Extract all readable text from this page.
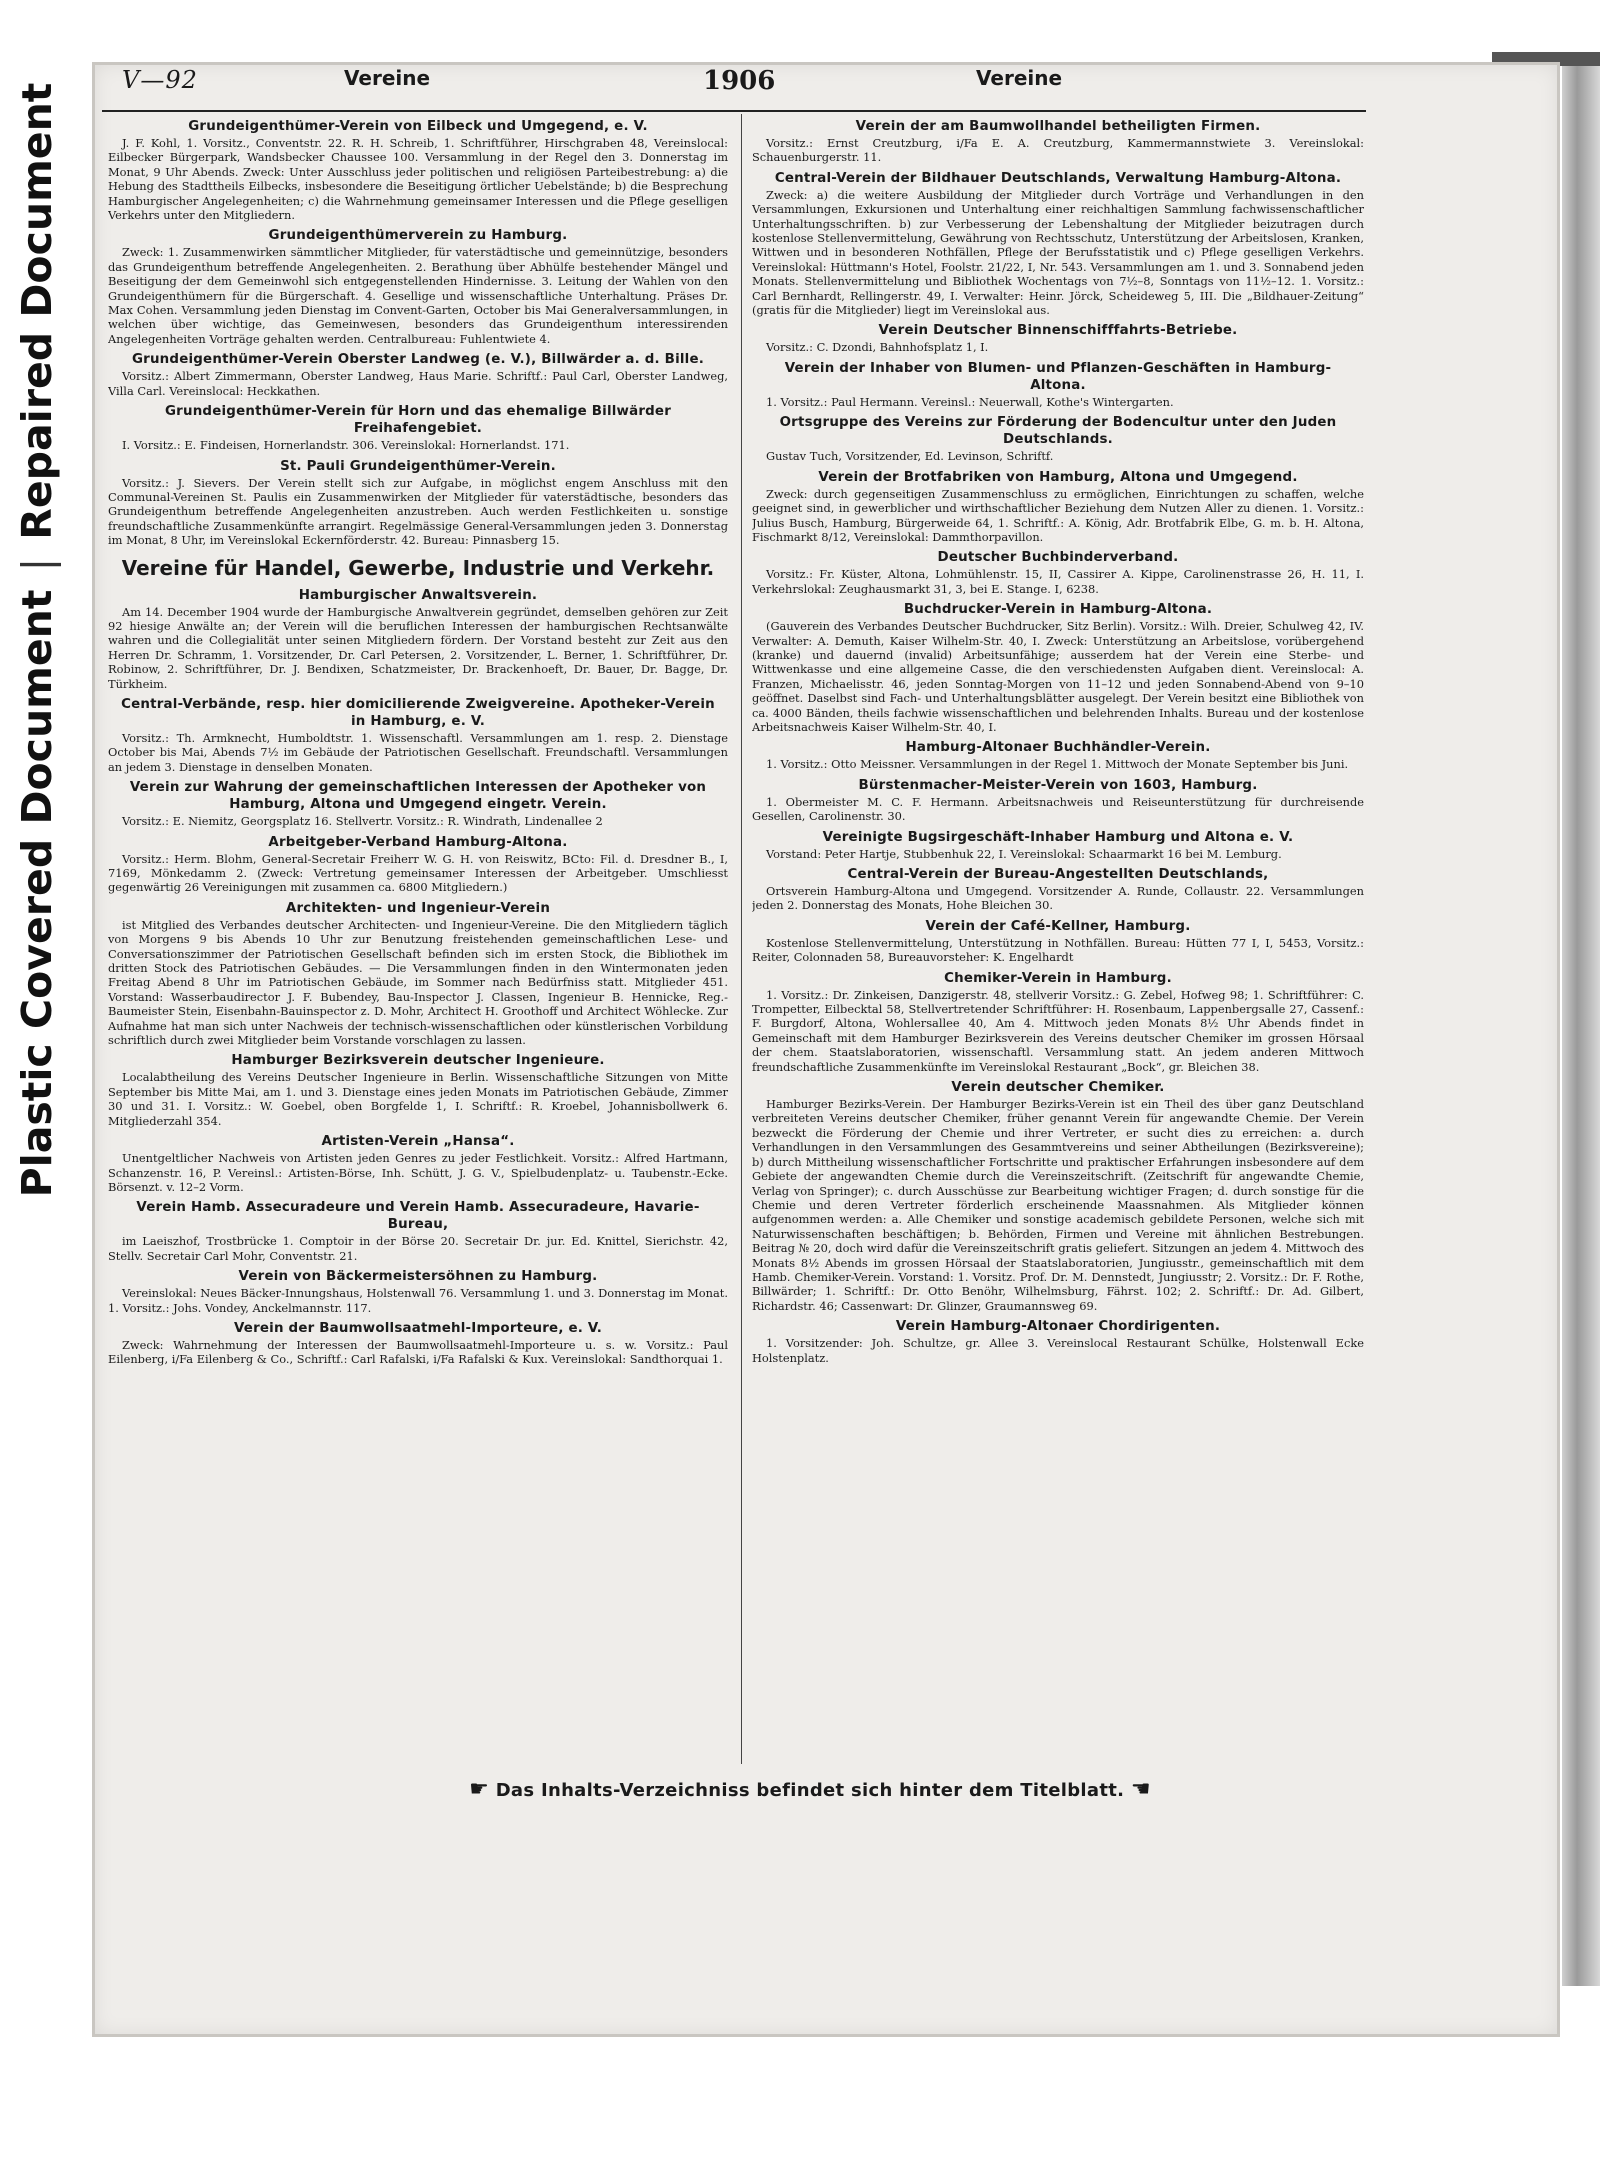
Plastic Covered Document|Repaired Document
V—92	Vereine	1906	Vereine
Grundeigenthümer-Verein von Eilbeck und Umgegend, e. V.

J. F. Kohl, 1. Vorsitz., Conventstr. 22. R. H. Schreib, 1. Schriftführer, Hirschgraben 48, Vereinslocal: Eilbecker Bürgerpark, Wandsbecker Chaussee 100. Versammlung in der Regel den 3. Donnerstag im Monat, 9 Uhr Abends. Zweck: Unter Ausschluss jeder politischen und religiösen Parteibestrebung: a) die Hebung des Stadttheils Eilbecks, insbesondere die Beseitigung örtlicher Uebelstände; b) die Besprechung Hamburgischer Angelegenheiten; c) die Wahrnehmung gemeinsamer Interessen und die Pflege geselligen Verkehrs unter den Mitgliedern.

Grundeigenthümerverein zu Hamburg.

Zweck: 1. Zusammenwirken sämmtlicher Mitglieder, für vaterstädtische und gemeinnützige, besonders das Grundeigenthum betreffende Angelegenheiten. 2. Berathung über Abhülfe bestehender Mängel und Beseitigung der dem Gemeinwohl sich entgegenstellenden Hindernisse. 3. Leitung der Wahlen von den Grundeigenthümern für die Bürgerschaft. 4. Gesellige und wissenschaftliche Unterhaltung. Präses Dr. Max Cohen. Versammlung jeden Dienstag im Convent-Garten, October bis Mai Generalversammlungen, in welchen über wichtige, das Gemeinwesen, besonders das Grundeigenthum interessirenden Angelegenheiten Vorträge gehalten werden. Centralbureau: Fuhlentwiete 4.

Grundeigenthümer-Verein Oberster Landweg (e. V.), Billwärder a. d. Bille.

Vorsitz.: Albert Zimmermann, Oberster Landweg, Haus Marie. Schriftf.: Paul Carl, Oberster Landweg, Villa Carl. Vereinslocal: Heckkathen.

Grundeigenthümer-Verein für Horn und das ehemalige Billwärder Freihafengebiet.

I. Vorsitz.: E. Findeisen, Hornerlandstr. 306. Vereinslokal: Hornerlandst. 171.

St. Pauli Grundeigenthümer-Verein.

Vorsitz.: J. Sievers. Der Verein stellt sich zur Aufgabe, in möglichst engem Anschluss mit den Communal-Vereinen St. Paulis ein Zusammenwirken der Mitglieder für vaterstädtische, besonders das Grundeigenthum betreffende Angelegenheiten anzustreben. Auch werden Festlichkeiten u. sonstige freundschaftliche Zusammenkünfte arrangirt. Regelmässige General-Versammlungen jeden 3. Donnerstag im Monat, 8 Uhr, im Vereinslokal Eckernförderstr. 42. Bureau: Pinnasberg 15.

Vereine für Handel, Gewerbe, Industrie und Verkehr.
Hamburgischer Anwaltsverein.

Am 14. December 1904 wurde der Hamburgische Anwaltverein gegründet, demselben gehören zur Zeit 92 hiesige Anwälte an; der Verein will die beruflichen Interessen der hamburgischen Rechtsanwälte wahren und die Collegialität unter seinen Mitgliedern fördern. Der Vorstand besteht zur Zeit aus den Herren Dr. Schramm, 1. Vorsitzender, Dr. Carl Petersen, 2. Vorsitzender, L. Berner, 1. Schriftführer, Dr. Robinow, 2. Schriftführer, Dr. J. Bendixen, Schatzmeister, Dr. Brackenhoeft, Dr. Bauer, Dr. Bagge, Dr. Türkheim.

Central-Verbände, resp. hier domicilierende Zweigvereine. Apotheker-Verein in Hamburg, e. V.

Vorsitz.: Th. Armknecht, Humboldtstr. 1. Wissenschaftl. Versammlungen am 1. resp. 2. Dienstage October bis Mai, Abends 7½ im Gebäude der Patriotischen Gesellschaft. Freundschaftl. Versammlungen an jedem 3. Dienstage in denselben Monaten.

Verein zur Wahrung der gemeinschaftlichen Interessen der Apotheker von Hamburg, Altona und Umgegend eingetr. Verein.

Vorsitz.: E. Niemitz, Georgsplatz 16. Stellvertr. Vorsitz.: R. Windrath, Lindenallee 2

Arbeitgeber-Verband Hamburg-Altona.

Vorsitz.: Herm. Blohm, General-Secretair Freiherr W. G. H. von Reiswitz, BCto: Fil. d. Dresdner B., I, 7169, Mönkedamm 2. (Zweck: Vertretung gemeinsamer Interessen der Arbeitgeber. Umschliesst gegenwärtig 26 Vereinigungen mit zusammen ca. 6800 Mitgliedern.)

Architekten- und Ingenieur-Verein

ist Mitglied des Verbandes deutscher Architecten- und Ingenieur-Vereine. Die den Mitgliedern täglich von Morgens 9 bis Abends 10 Uhr zur Benutzung freistehenden gemeinschaftlichen Lese- und Conversationszimmer der Patriotischen Gesellschaft befinden sich im ersten Stock, die Bibliothek im dritten Stock des Patriotischen Gebäudes. — Die Versammlungen finden in den Wintermonaten jeden Freitag Abend 8 Uhr im Patriotischen Gebäude, im Sommer nach Bedürfniss statt. Mitglieder 451. Vorstand: Wasserbaudirector J. F. Bubendey, Bau-Inspector J. Classen, Ingenieur B. Hennicke, Reg.-Baumeister Stein, Eisenbahn-Bauinspector z. D. Mohr, Architect H. Groothoff und Architect Wöhlecke. Zur Aufnahme hat man sich unter Nachweis der technisch-wissenschaftlichen oder künstlerischen Vorbildung schriftlich durch zwei Mitglieder beim Vorstande vorschlagen zu lassen.

Hamburger Bezirksverein deutscher Ingenieure.

Localabtheilung des Vereins Deutscher Ingenieure in Berlin. Wissenschaftliche Sitzungen von Mitte September bis Mitte Mai, am 1. und 3. Dienstage eines jeden Monats im Patriotischen Gebäude, Zimmer 30 und 31. I. Vorsitz.: W. Goebel, oben Borgfelde 1, I. Schriftf.: R. Kroebel, Johannisbollwerk 6. Mitgliederzahl 354.

Artisten-Verein „Hansa“.

Unentgeltlicher Nachweis von Artisten jeden Genres zu jeder Festlichkeit. Vorsitz.: Alfred Hartmann, Schanzenstr. 16, P. Vereinsl.: Artisten-Börse, Inh. Schütt, J. G. V., Spielbudenplatz- u. Taubenstr.-Ecke. Börsenzt. v. 12–2 Vorm.

Verein Hamb. Assecuradeure und Verein Hamb. Assecuradeure, Havarie-Bureau,

im Laeiszhof, Trostbrücke 1. Comptoir in der Börse 20. Secretair Dr. jur. Ed. Knittel, Sierichstr. 42, Stellv. Secretair Carl Mohr, Conventstr. 21.

Verein von Bäckermeistersöhnen zu Hamburg.

Vereinslokal: Neues Bäcker-Innungshaus, Holstenwall 76. Versammlung 1. und 3. Donnerstag im Monat. 1. Vorsitz.: Johs. Vondey, Anckelmannstr. 117.

Verein der Baumwollsaatmehl-Importeure, e. V.

Zweck: Wahrnehmung der Interessen der Baumwollsaatmehl-Importeure u. s. w. Vorsitz.: Paul Eilenberg, i/Fa Eilenberg & Co., Schriftf.: Carl Rafalski, i/Fa Rafalski & Kux. Vereinslokal: Sandthorquai 1.

Verein der am Baumwollhandel betheiligten Firmen.

Vorsitz.: Ernst Creutzburg, i/Fa E. A. Creutzburg, Kammermannstwiete 3. Vereinslokal: Schauenburgerstr. 11.

Central-Verein der Bildhauer Deutschlands, Verwaltung Hamburg-Altona.

Zweck: a) die weitere Ausbildung der Mitglieder durch Vorträge und Verhandlungen in den Versammlungen, Exkursionen und Unterhaltung einer reichhaltigen Sammlung fachwissenschaftlicher Unterhaltungsschriften. b) zur Verbesserung der Lebenshaltung der Mitglieder beizutragen durch kostenlose Stellenvermittelung, Gewährung von Rechtsschutz, Unterstützung der Arbeitslosen, Kranken, Wittwen und in besonderen Nothfällen, Pflege der Berufsstatistik und c) Pflege geselligen Verkehrs. Vereinslokal: Hüttmann's Hotel, Foolstr. 21/22, I, Nr. 543. Versammlungen am 1. und 3. Sonnabend jeden Monats. Stellenvermittelung und Bibliothek Wochentags von 7½–8, Sonntags von 11½–12. 1. Vorsitz.: Carl Bernhardt, Rellingerstr. 49, I. Verwalter: Heinr. Jörck, Scheideweg 5, III. Die „Bildhauer-Zeitung“ (gratis für die Mitglieder) liegt im Vereinslokal aus.

Verein Deutscher Binnenschifffahrts-Betriebe.

Vorsitz.: C. Dzondi, Bahnhofsplatz 1, I.

Verein der Inhaber von Blumen- und Pflanzen-Geschäften in Hamburg-Altona.

1. Vorsitz.: Paul Hermann. Vereinsl.: Neuerwall, Kothe's Wintergarten.

Ortsgruppe des Vereins zur Förderung der Bodencultur unter den Juden Deutschlands.

Gustav Tuch, Vorsitzender, Ed. Levinson, Schriftf.

Verein der Brotfabriken von Hamburg, Altona und Umgegend.

Zweck: durch gegenseitigen Zusammenschluss zu ermöglichen, Einrichtungen zu schaffen, welche geeignet sind, in gewerblicher und wirthschaftlicher Beziehung dem Nutzen Aller zu dienen. 1. Vorsitz.: Julius Busch, Hamburg, Bürgerweide 64, 1. Schriftf.: A. König, Adr. Brotfabrik Elbe, G. m. b. H. Altona, Fischmarkt 8/12, Vereinslokal: Dammthorpavillon.

Deutscher Buchbinderverband.

Vorsitz.: Fr. Küster, Altona, Lohmühlenstr. 15, II, Cassirer A. Kippe, Carolinenstrasse 26, H. 11, I. Verkehrslokal: Zeughausmarkt 31, 3, bei E. Stange. I, 6238.

Buchdrucker-Verein in Hamburg-Altona.

(Gauverein des Verbandes Deutscher Buchdrucker, Sitz Berlin). Vorsitz.: Wilh. Dreier, Schulweg 42, IV. Verwalter: A. Demuth, Kaiser Wilhelm-Str. 40, I. Zweck: Unterstützung an Arbeitslose, vorübergehend (kranke) und dauernd (invalid) Arbeitsunfähige; ausserdem hat der Verein eine Sterbe- und Wittwenkasse und eine allgemeine Casse, die den verschiedensten Aufgaben dient. Vereinslocal: A. Franzen, Michaelisstr. 46, jeden Sonntag-Morgen von 11–12 und jeden Sonnabend-Abend von 9–10 geöffnet. Daselbst sind Fach- und Unterhaltungsblätter ausgelegt. Der Verein besitzt eine Bibliothek von ca. 4000 Bänden, theils fachwie wissenschaftlichen und belehrenden Inhalts. Bureau und der kostenlose Arbeitsnachweis Kaiser Wilhelm-Str. 40, I.

Hamburg-Altonaer Buchhändler-Verein.

1. Vorsitz.: Otto Meissner. Versammlungen in der Regel 1. Mittwoch der Monate September bis Juni.

Bürstenmacher-Meister-Verein von 1603, Hamburg.

1. Obermeister M. C. F. Hermann. Arbeitsnachweis und Reiseunterstützung für durchreisende Gesellen, Carolinenstr. 30.

Vereinigte Bugsirgeschäft-Inhaber Hamburg und Altona e. V.

Vorstand: Peter Hartje, Stubbenhuk 22, I. Vereinslokal: Schaarmarkt 16 bei M. Lemburg.

Central-Verein der Bureau-Angestellten Deutschlands,

Ortsverein Hamburg-Altona und Umgegend. Vorsitzender A. Runde, Collaustr. 22. Versammlungen jeden 2. Donnerstag des Monats, Hohe Bleichen 30.

Verein der Café-Kellner, Hamburg.

Kostenlose Stellenvermittelung, Unterstützung in Nothfällen. Bureau: Hütten 77 I, I, 5453, Vorsitz.: Reiter, Colonnaden 58, Bureauvorsteher: K. Engelhardt

Chemiker-Verein in Hamburg.

1. Vorsitz.: Dr. Zinkeisen, Danzigerstr. 48, stellverir Vorsitz.: G. Zebel, Hofweg 98; 1. Schriftführer: C. Trompetter, Eilbecktal 58, Stellvertretender Schriftführer: H. Rosenbaum, Lappenbergsalle 27, Cassenf.: F. Burgdorf, Altona, Wohlersallee 40, Am 4. Mittwoch jeden Monats 8½ Uhr Abends findet in Gemeinschaft mit dem Hamburger Bezirksverein des Vereins deutscher Chemiker im grossen Hörsaal der chem. Staatslaboratorien, wissenschaftl. Versammlung statt. An jedem anderen Mittwoch freundschaftliche Zusammenkünfte im Vereinslokal Restaurant „Bock“, gr. Bleichen 38.

Verein deutscher Chemiker.

Hamburger Bezirks-Verein. Der Hamburger Bezirks-Verein ist ein Theil des über ganz Deutschland verbreiteten Vereins deutscher Chemiker, früher genannt Verein für angewandte Chemie. Der Verein bezweckt die Förderung der Chemie und ihrer Vertreter, er sucht dies zu erreichen: a. durch Verhandlungen in den Versammlungen des Gesammtvereins und seiner Abtheilungen (Bezirksvereine); b) durch Mittheilung wissenschaftlicher Fortschritte und praktischer Erfahrungen insbesondere auf dem Gebiete der angewandten Chemie durch die Vereinszeitschrift. (Zeitschrift für angewandte Chemie, Verlag von Springer); c. durch Ausschüsse zur Bearbeitung wichtiger Fragen; d. durch sonstige für die Chemie und deren Vertreter förderlich erscheinende Maassnahmen. Als Mitglieder können aufgenommen werden: a. Alle Chemiker und sonstige academisch gebildete Personen, welche sich mit Naturwissenschaften beschäftigen; b. Behörden, Firmen und Vereine mit ähnlichen Bestrebungen. Beitrag № 20, doch wird dafür die Vereinszeitschrift gratis geliefert. Sitzungen an jedem 4. Mittwoch des Monats 8½ Abends im grossen Hörsaal der Staatslaboratorien, Jungiusstr., gemeinschaftlich mit dem Hamb. Chemiker-Verein. Vorstand: 1. Vorsitz. Prof. Dr. M. Dennstedt, Jungiusstr; 2. Vorsitz.: Dr. F. Rothe, Billwärder; 1. Schriftf.: Dr. Otto Benöhr, Wilhelmsburg, Fährst. 102; 2. Schriftf.: Dr. Ad. Gilbert, Richardstr. 46; Cassenwart: Dr. Glinzer, Graumannsweg 69.

Verein Hamburg-Altonaer Chordirigenten.

1. Vorsitzender: Joh. Schultze, gr. Allee 3. Vereinslocal Restaurant Schülke, Holstenwall Ecke Holstenplatz.

☛ Das Inhalts-Verzeichniss befindet sich hinter dem Titelblatt. ☚
